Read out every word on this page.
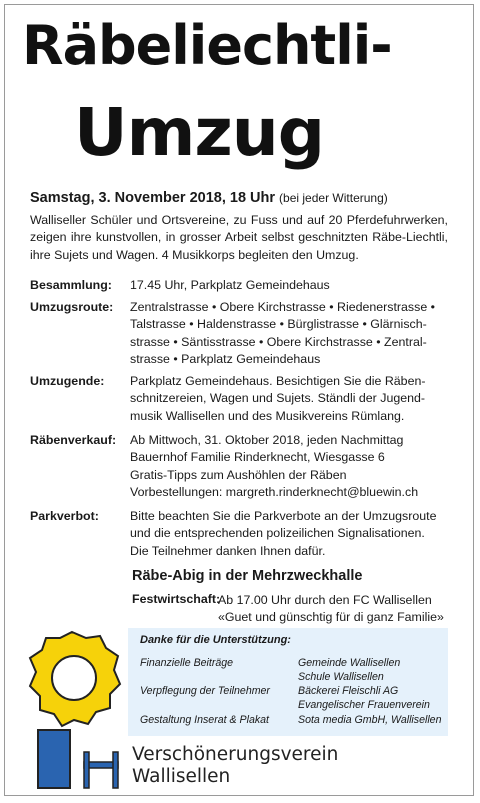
Räbeliechtli-
Umzug
Samstag, 3. November 2018, 18 Uhr (bei jeder Witterung)
Walliseller Schüler und Ortsvereine, zu Fuss und auf 20 Pferdefuhrwerken, zeigen ihre kunstvollen, in grosser Arbeit selbst geschnitzten Räbe-Liechtli, ihre Sujets und Wagen. 4 Musikkorps begleiten den Umzug.
Besammlung: 17.45 Uhr, Parkplatz Gemeindehaus
Umzugsroute: Zentralstrasse • Obere Kirchstrasse • Riedenerstrasse •
Talstrasse • Haldenstrasse • Bürglistrasse • Glärnisch-
strasse • Säntisstrasse • Obere Kirchstrasse • Zentral-
strasse • Parkplatz Gemeindehaus
Umzugende: Parkplatz Gemeindehaus. Besichtigen Sie die Räben-
schnitzereien, Wagen und Sujets. Ständli der Jugend-
musik Wallisellen und des Musikvereins Rümlang.
Räbenverkauf: Ab Mittwoch, 31. Oktober 2018, jeden Nachmittag
Bauernhof Familie Rinderknecht, Wiesgasse 6
Gratis-Tipps zum Aushöhlen der Räben
Vorbestellungen: margreth.rinderknecht@bluewin.ch
Parkverbot:	Bitte beachten Sie die Parkverbote an der Umzugsroute
und die entsprechenden polizeilichen Signalisationen.
Die Teilnehmer danken Ihnen dafür.
Räbe-Abig in der Mehrzweckhalle
Festwirtschaft:
Ab 17.00 Uhr durch den FC Wallisellen
«Guet und günschtig für di ganz Familie»
Danke für die Unterstützung:
Finanzielle Beiträge	Gemeinde Wallisellen
Schule Wallisellen
Verpflegung der Teilnehmer	Bäckerei Fleischli AG
Evangelischer Frauenverein
Gestaltung Inserat & Plakat	Sota media GmbH, Wallisellen
Verschönerungsverein
Wallisellen
